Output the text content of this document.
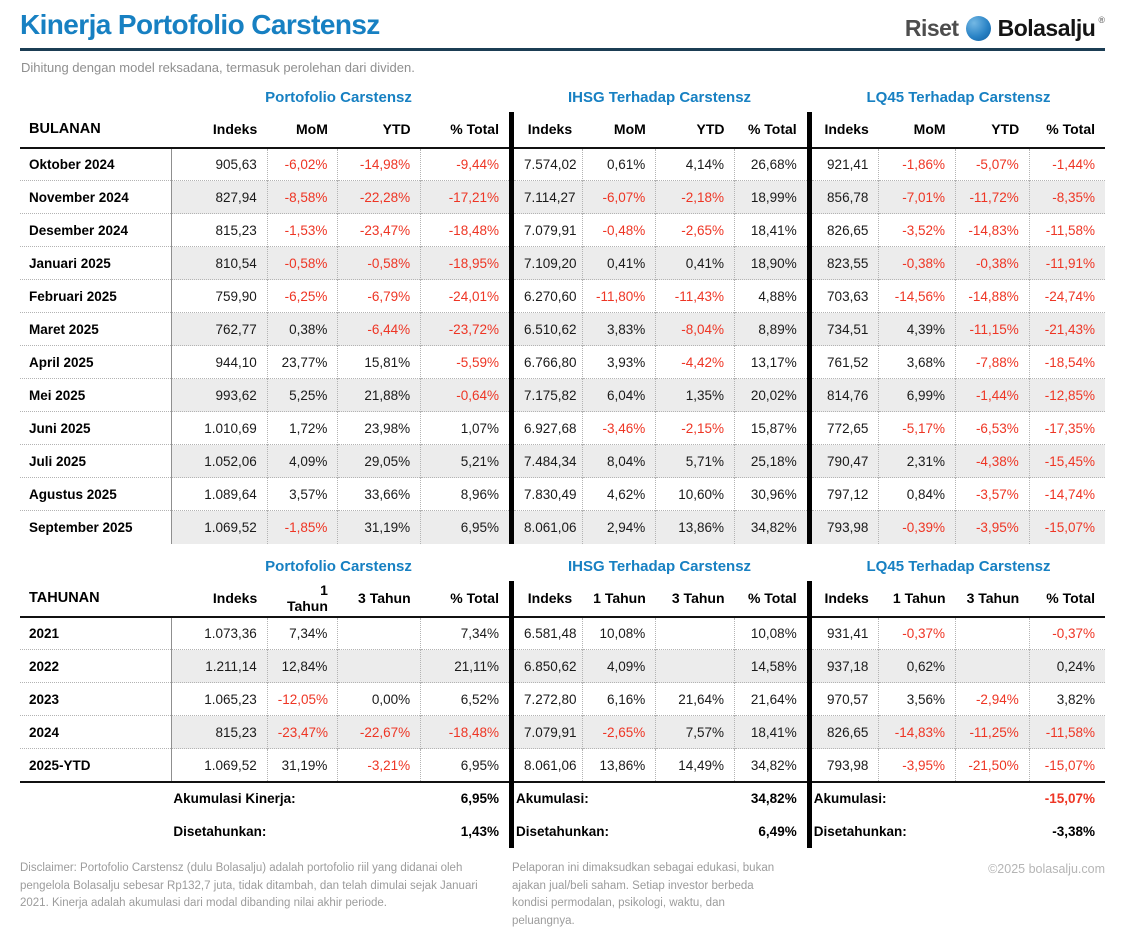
Kinerja Portofolio Carstensz	Riset Bolasalju ®

Dihitung dengan model reksadana, termasuk perolehan dari dividen.

Portofolio Carstensz	IHSG Terhadap Carstensz	LQ45 Terhadap Carstensz
BULANAN	Indeks	MoM	YTD	% Total	Indeks	MoM	YTD	% Total	Indeks	MoM	YTD	% Total
Oktober 2024	905,63	-6,02%	-14,98%	-9,44%	7.574,02	0,61%	4,14%	26,68%	921,41	-1,86%	-5,07%	-1,44%
November 2024	827,94	-8,58%	-22,28%	-17,21%	7.114,27	-6,07%	-2,18%	18,99%	856,78	-7,01%	-11,72%	-8,35%
Desember 2024	815,23	-1,53%	-23,47%	-18,48%	7.079,91	-0,48%	-2,65%	18,41%	826,65	-3,52%	-14,83%	-11,58%
Januari 2025	810,54	-0,58%	-0,58%	-18,95%	7.109,20	0,41%	0,41%	18,90%	823,55	-0,38%	-0,38%	-11,91%
Februari 2025	759,90	-6,25%	-6,79%	-24,01%	6.270,60	-11,80%	-11,43%	4,88%	703,63	-14,56%	-14,88%	-24,74%
Maret 2025	762,77	0,38%	-6,44%	-23,72%	6.510,62	3,83%	-8,04%	8,89%	734,51	4,39%	-11,15%	-21,43%
April 2025	944,10	23,77%	15,81%	-5,59%	6.766,80	3,93%	-4,42%	13,17%	761,52	3,68%	-7,88%	-18,54%
Mei 2025	993,62	5,25%	21,88%	-0,64%	7.175,82	6,04%	1,35%	20,02%	814,76	6,99%	-1,44%	-12,85%
Juni 2025	1.010,69	1,72%	23,98%	1,07%	6.927,68	-3,46%	-2,15%	15,87%	772,65	-5,17%	-6,53%	-17,35%
Juli 2025	1.052,06	4,09%	29,05%	5,21%	7.484,34	8,04%	5,71%	25,18%	790,47	2,31%	-4,38%	-15,45%
Agustus 2025	1.089,64	3,57%	33,66%	8,96%	7.830,49	4,62%	10,60%	30,96%	797,12	0,84%	-3,57%	-14,74%
September 2025	1.069,52	-1,85%	31,19%	6,95%	8.061,06	2,94%	13,86%	34,82%	793,98	-0,39%	-3,95%	-15,07%
Portofolio Carstensz	IHSG Terhadap Carstensz	LQ45 Terhadap Carstensz
TAHUNAN	Indeks	1 Tahun	3 Tahun	% Total	Indeks	1 Tahun	3 Tahun	% Total	Indeks	1 Tahun	3 Tahun	% Total
2021	1.073,36	7,34%		7,34%	6.581,48	10,08%		10,08%	931,41	-0,37%		-0,37%
2022	1.211,14	12,84%		21,11%	6.850,62	4,09%		14,58%	937,18	0,62%		0,24%
2023	1.065,23	-12,05%	0,00%	6,52%	7.272,80	6,16%	21,64%	21,64%	970,57	3,56%	-2,94%	3,82%
2024	815,23	-23,47%	-22,67%	-18,48%	7.079,91	-2,65%	7,57%	18,41%	826,65	-14,83%	-11,25%	-11,58%
2025-YTD	1.069,52	31,19%	-3,21%	6,95%	8.061,06	13,86%	14,49%	34,82%	793,98	-3,95%	-21,50%	-15,07%
	Akumulasi Kinerja:		6,95%		Akumulasi:		34,82%		Akumulasi:		-15,07%	
	Disetahunkan:		1,43%		Disetahunkan:		6,49%		Disetahunkan:		-3,38%	

Disclaimer: Portofolio Carstensz (dulu Bolasalju) adalah portofolio riil yang didanai oleh pengelola Bolasalju sebesar Rp132,7 juta, tidak ditambah, dan telah dimulai sejak Januari 2021. Kinerja adalah akumulasi dari modal dibanding nilai akhir periode.

Pelaporan ini dimaksudkan sebagai edukasi, bukan ajakan jual/beli saham. Setiap investor berbeda kondisi permodalan, psikologi, waktu, dan peluangnya.

©2025 bolasalju.com
